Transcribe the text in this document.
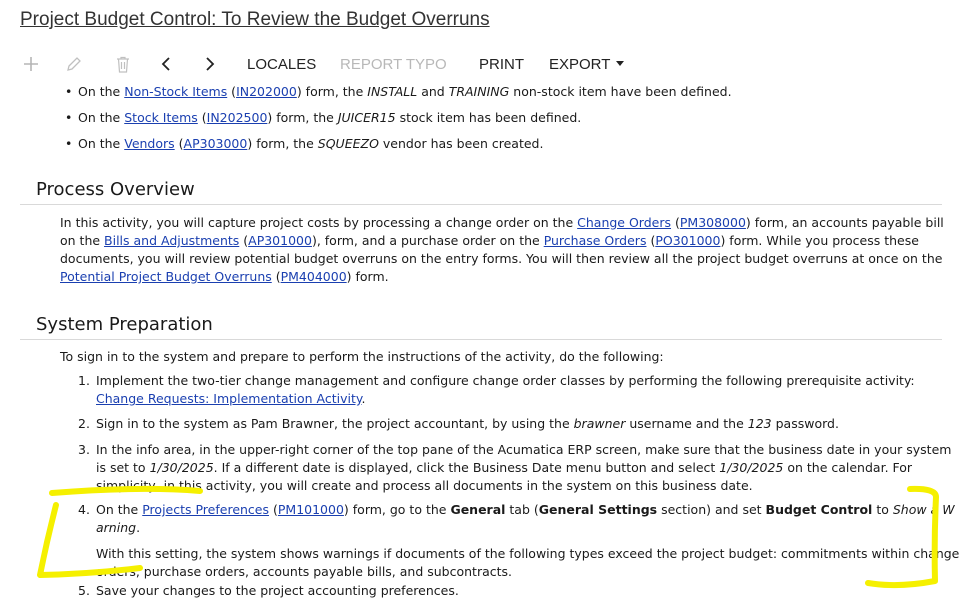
Project Budget Control: To Review the Budget Overruns
LOCALES REPORT TYPO PRINT EXPORT
• On the Non-Stock Items (IN202000) form, the INSTALL and TRAINING non-stock item have been defined.
• On the Stock Items (IN202500) form, the JUICER15 stock item has been defined.
• On the Vendors (AP303000) form, the SQUEEZO vendor has been created.
Process Overview
In this activity, you will capture project costs by processing a change order on the Change Orders (PM308000) form, an accounts payable bill
on the Bills and Adjustments (AP301000), form, and a purchase order on the Purchase Orders (PO301000) form. While you process these
documents, you will review potential budget overruns on the entry forms. You will then review all the project budget overruns at once on the
Potential Project Budget Overruns (PM404000) form.
System Preparation
To sign in to the system and prepare to perform the instructions of the activity, do the following:
1. Implement the two-tier change management and configure change order classes by performing the following prerequisite activity:
Change Requests: Implementation Activity.
2. Sign in to the system as Pam Brawner, the project accountant, by using the brawner username and the 123 password.
3. In the info area, in the upper-right corner of the top pane of the Acumatica ERP screen, make sure that the business date in your system
is set to 1/30/2025. If a different date is displayed, click the Business Date menu button and select 1/30/2025 on the calendar. For
simplicity, in this activity, you will create and process all documents in the system on this business date.
4. On the Projects Preferences (PM101000) form, go to the General tab (General Settings section) and set Budget Control to Show a W
arning.
With this setting, the system shows warnings if documents of the following types exceed the project budget: commitments within change
orders, purchase orders, accounts payable bills, and subcontracts.
5. Save your changes to the project accounting preferences.
